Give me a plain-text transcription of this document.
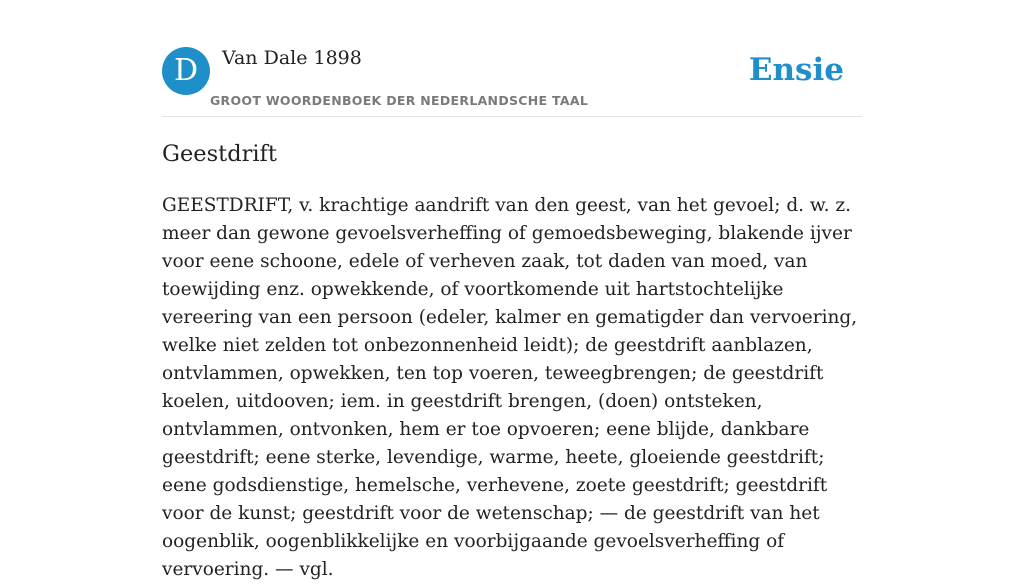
D	Van Dale 1898
GROOT WOORDENBOEK DER NEDERLANDSCHE TAAL
Ensie
Geestdrift
GEESTDRIFT, v. krachtige aandrift van den geest, van het gevoel; d. w. z. meer dan gewone gevoelsverheffing of gemoedsbeweging, blakende ijver voor eene schoone, edele of verheven zaak, tot daden van moed, van toewijding enz. opwekkende, of voortkomende uit hartstochtelijke vereering van een persoon (edeler, kalmer en gematigder dan vervoering, welke niet zelden tot onbezonnenheid leidt); de geestdrift aanblazen, ontvlammen, opwekken, ten top voeren, teweegbrengen; de geestdrift koelen, uitdooven; iem. in geestdrift brengen, (doen) ontsteken, ontvlammen, ontvonken, hem er toe opvoeren; eene blijde, dankbare geestdrift; eene sterke, levendige, warme, heete, gloeiende geestdrift; eene godsdienstige, hemelsche, verhevene, zoete geestdrift; geestdrift voor de kunst; geestdrift voor de wetenschap; — de geestdrift van het oogenblik, oogenblikkelijke en voorbijgaande gevoelsverheffing of vervoering. — vgl.
